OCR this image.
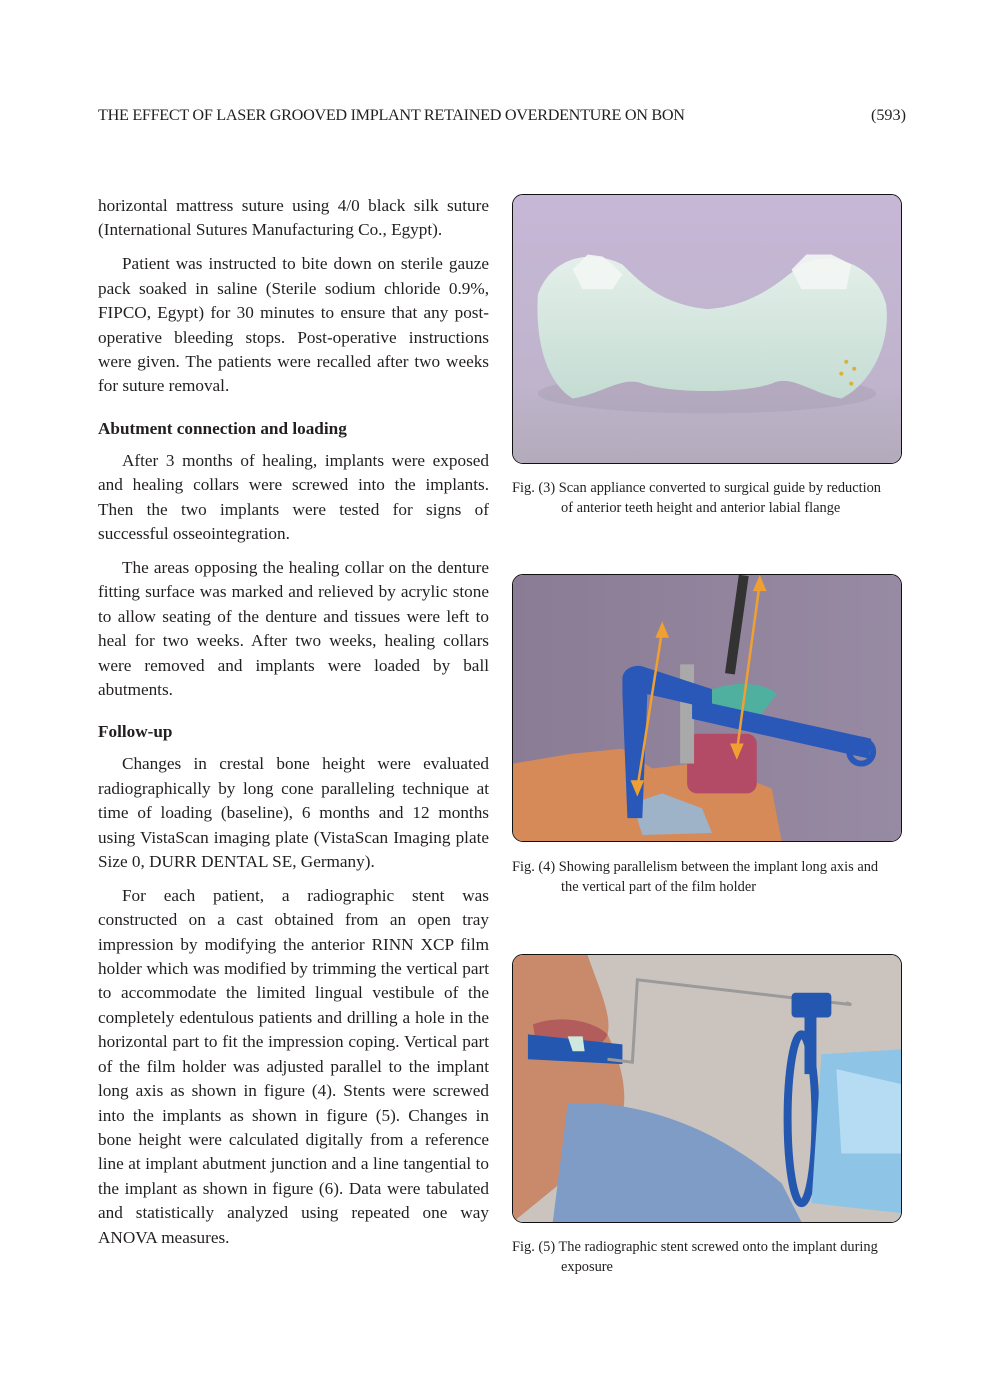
THE EFFECT OF LASER GROOVED IMPLANT RETAINED OVERDENTURE ON BON	(593)

horizontal mattress suture using 4/0 black silk suture (International Sutures Manufacturing Co., Egypt).

Patient was instructed to bite down on sterile gauze pack soaked in saline (Sterile sodium chloride 0.9%, FIPCO, Egypt) for 30 minutes to ensure that any post-operative bleeding stops. Post-operative instructions were given. The patients were recalled after two weeks for suture removal.

Abutment connection and loading

After 3 months of healing, implants were exposed and healing collars were screwed into the implants. Then the two implants were tested for signs of successful osseointegration.

The areas opposing the healing collar on the denture fitting surface was marked and relieved by acrylic stone to allow seating of the denture and tissues were left to heal for two weeks. After two weeks, healing collars were removed and implants were loaded by ball abutments.

Follow-up

Changes in crestal bone height were evaluated radiographically by long cone paralleling technique at time of loading (baseline), 6 months and 12 months using VistaScan imaging plate (VistaScan Imaging plate Size 0, DURR DENTAL SE, Germany).

For each patient, a radiographic stent was constructed on a cast obtained from an open tray impression by modifying the anterior RINN XCP film holder which was modified by trimming the vertical part to accommodate the limited lingual vestibule of the completely edentulous patients and drilling a hole in the horizontal part to fit the impression coping. Vertical part of the film holder was adjusted parallel to the implant long axis as shown in figure (4). Stents were screwed into the implants as shown in figure (5). Changes in bone height were calculated digitally from a reference line at implant abutment junction and a line tangential to the implant as shown in figure (6). Data were tabulated and statistically analyzed using repeated one way ANOVA measures.

Fig. (3) Scan appliance converted to surgical guide by reduction
of anterior teeth height and anterior labial flange
Fig. (4) Showing parallelism between the implant long axis and
the vertical part of the film holder
Fig. (5) The radiographic stent screwed onto the implant during
exposure
